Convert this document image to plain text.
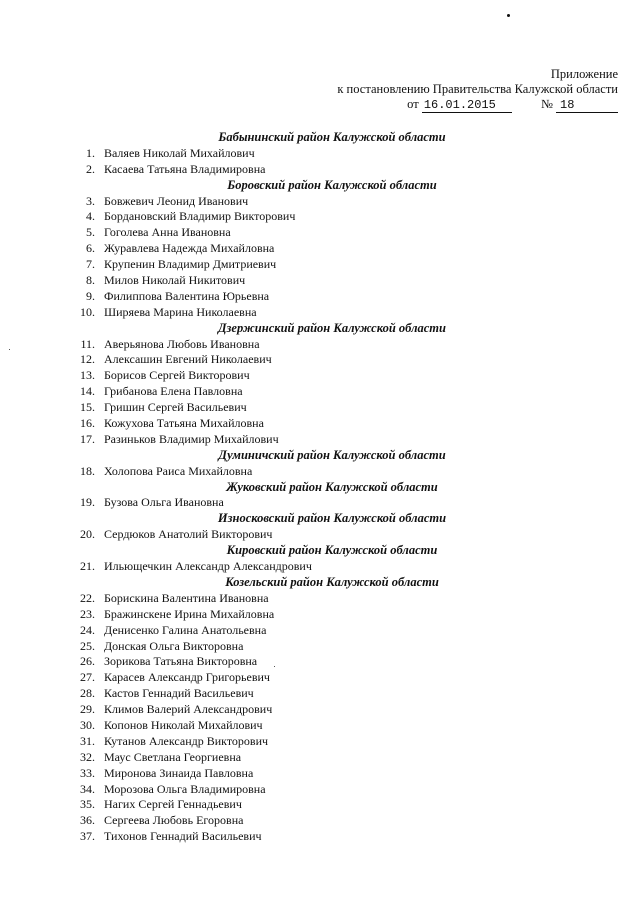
Приложение
к постановлению Правительства Калужской области
от 16.01.2015	№ 18
Бабынинский район Калужской области
1. Валяев Николай Михайлович
2. Касаева Татьяна Владимировна
Боровский район Калужской области
3. Бовжевич Леонид Иванович
4. Бордановский Владимир Викторович
5. Гоголева Анна Ивановна
6. Журавлева Надежда Михайловна
7. Крупенин Владимир Дмитриевич
8. Милов Николай Никитович
9. Филиппова Валентина Юрьевна
10. Ширяева Марина Николаевна
Дзержинский район Калужской области
11. Аверьянова Любовь Ивановна
12. Алексашин Евгений Николаевич
13. Борисов Сергей Викторович
14. Грибанова Елена Павловна
15. Гришин Сергей Васильевич
16. Кожухова Татьяна Михайловна
17. Разиньков Владимир Михайлович
Думиничский район Калужской области
18. Холопова Раиса Михайловна
Жуковский район Калужской области
19. Бузова Ольга Ивановна
Износковский район Калужской области
20. Сердюков Анатолий Викторович
Кировский район Калужской области
21. Ильющечкин Александр Александрович
Козельский район Калужской области
22. Борискина Валентина Ивановна
23. Бражинскене Ирина Михайловна
24. Денисенко Галина Анатольевна
25. Донская Ольга Викторовна
26. Зорикова Татьяна Викторовна
27. Карасев Александр Григорьевич
28. Кастов Геннадий Васильевич
29. Климов Валерий Александрович
30. Копонов Николай Михайлович
31. Кутанов Александр Викторович
32. Маус Светлана Георгиевна
33. Миронова Зинаида Павловна
34. Морозова Ольга Владимировна
35. Нагих Сергей Геннадьевич
36. Сергеева Любовь Егоровна
37. Тихонов Геннадий Васильевич
